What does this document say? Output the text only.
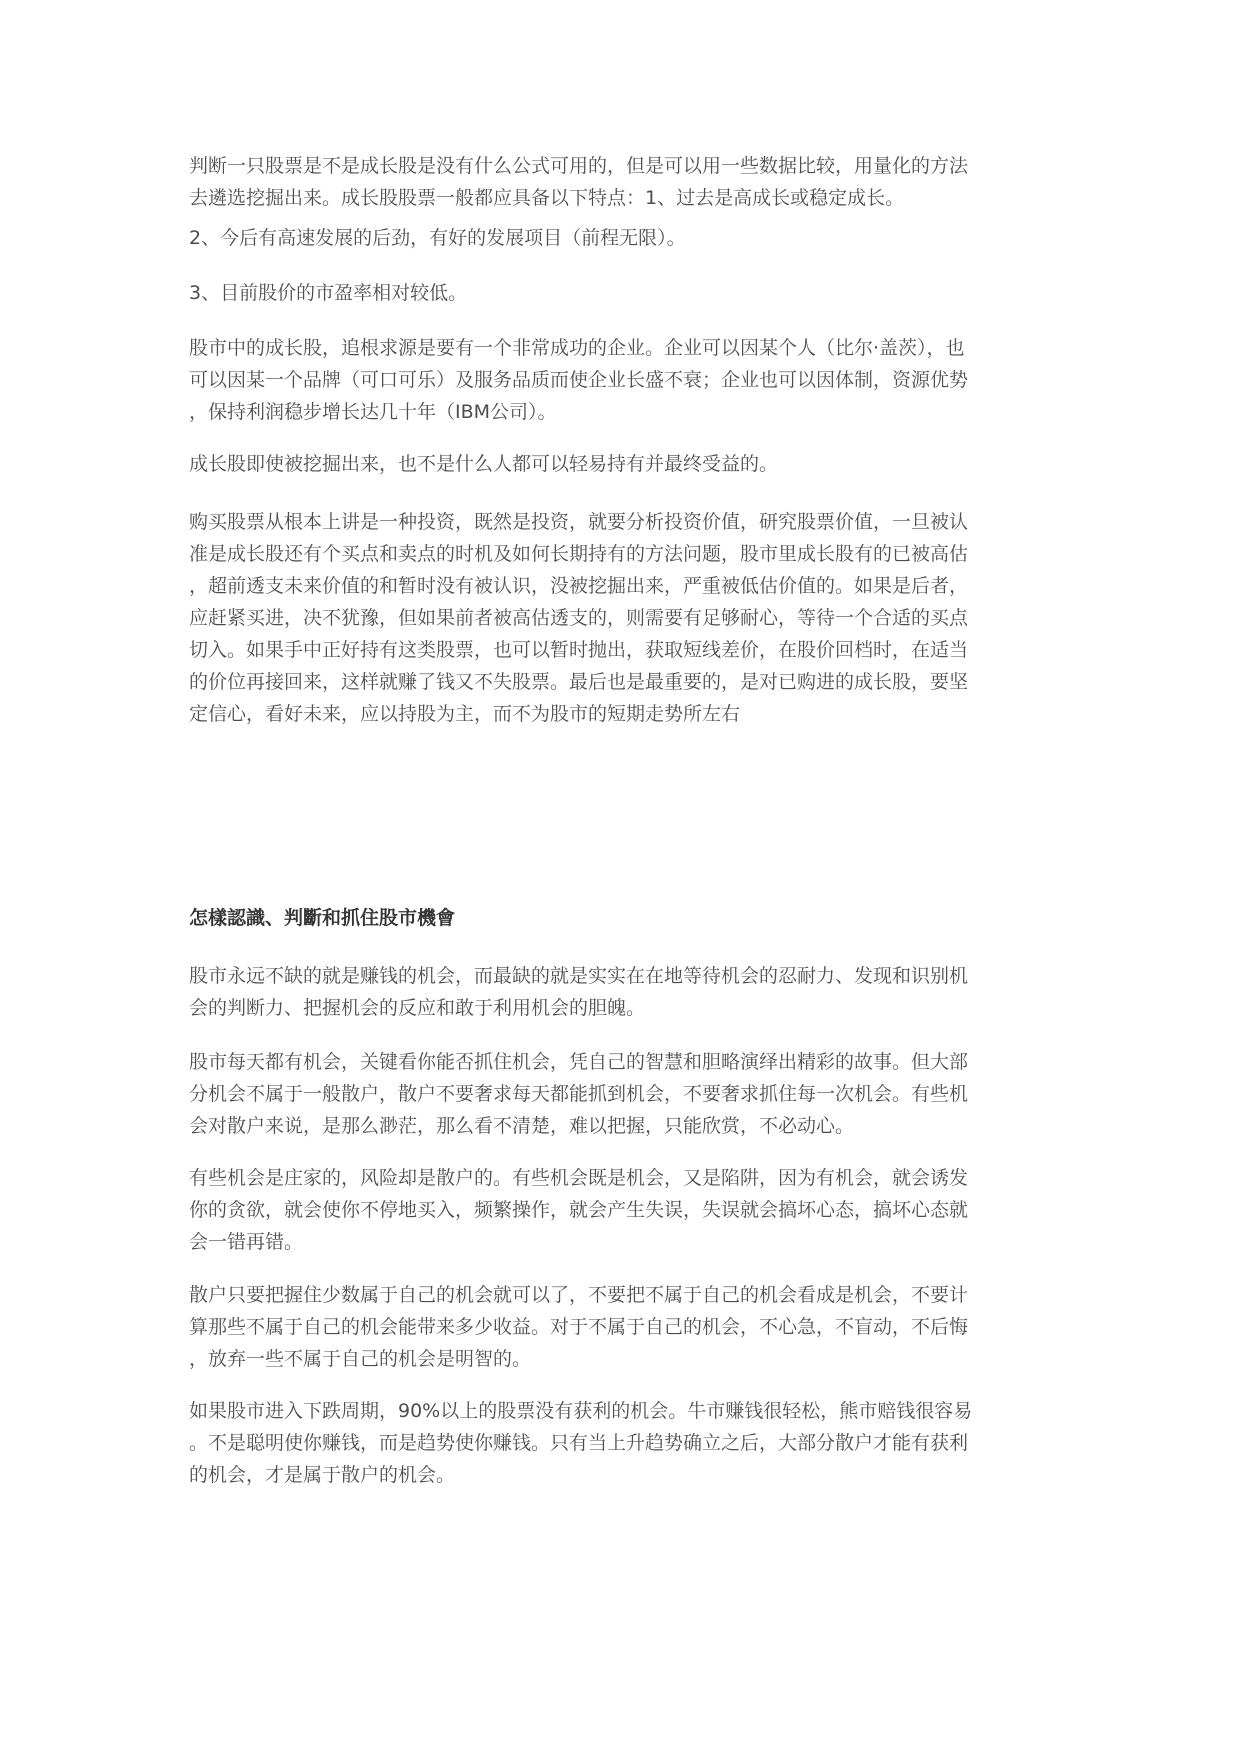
判断一只股票是不是成长股是没有什么公式可用的，但是可以用一些数据比较，用量化的方法
去遴选挖掘出来。成长股股票一般都应具备以下特点：1、过去是高成长或稳定成长。
2、今后有高速发展的后劲，有好的发展项目（前程无限）。
3、目前股价的市盈率相对较低。
股市中的成长股，追根求源是要有一个非常成功的企业。企业可以因某个人（比尔·盖茨），也
可以因某一个品牌（可口可乐）及服务品质而使企业长盛不衰；企业也可以因体制，资源优势
，保持利润稳步增长达几十年（IBM公司）。
成长股即使被挖掘出来，也不是什么人都可以轻易持有并最终受益的。
购买股票从根本上讲是一种投资，既然是投资，就要分析投资价值，研究股票价值，一旦被认
准是成长股还有个买点和卖点的时机及如何长期持有的方法问题，股市里成长股有的已被高估
，超前透支未来价值的和暂时没有被认识，没被挖掘出来，严重被低估价值的。如果是后者，
应赶紧买进，决不犹豫，但如果前者被高估透支的，则需要有足够耐心，等待一个合适的买点
切入。如果手中正好持有这类股票，也可以暂时抛出，获取短线差价，在股价回档时，在适当
的价位再接回来，这样就赚了钱又不失股票。最后也是最重要的，是对已购进的成长股，要坚
定信心，看好未来，应以持股为主，而不为股市的短期走势所左右
怎樣認識、判斷和抓住股市機會
股市永远不缺的就是赚钱的机会，而最缺的就是实实在在地等待机会的忍耐力、发现和识别机
会的判断力、把握机会的反应和敢于利用机会的胆魄。
股市每天都有机会，关键看你能否抓住机会，凭自己的智慧和胆略演绎出精彩的故事。但大部
分机会不属于一般散户，散户不要奢求每天都能抓到机会，不要奢求抓住每一次机会。有些机
会对散户来说，是那么渺茫，那么看不清楚，难以把握，只能欣赏，不必动心。
有些机会是庄家的，风险却是散户的。有些机会既是机会，又是陷阱，因为有机会，就会诱发
你的贪欲，就会使你不停地买入，频繁操作，就会产生失误，失误就会搞坏心态，搞坏心态就
会一错再错。
散户只要把握住少数属于自己的机会就可以了，不要把不属于自己的机会看成是机会，不要计
算那些不属于自己的机会能带来多少收益。对于不属于自己的机会，不心急，不盲动，不后悔
，放弃一些不属于自己的机会是明智的。
如果股市进入下跌周期，90%以上的股票没有获利的机会。牛市赚钱很轻松，熊市赔钱很容易
。不是聪明使你赚钱，而是趋势使你赚钱。只有当上升趋势确立之后，大部分散户才能有获利
的机会，才是属于散户的机会。
